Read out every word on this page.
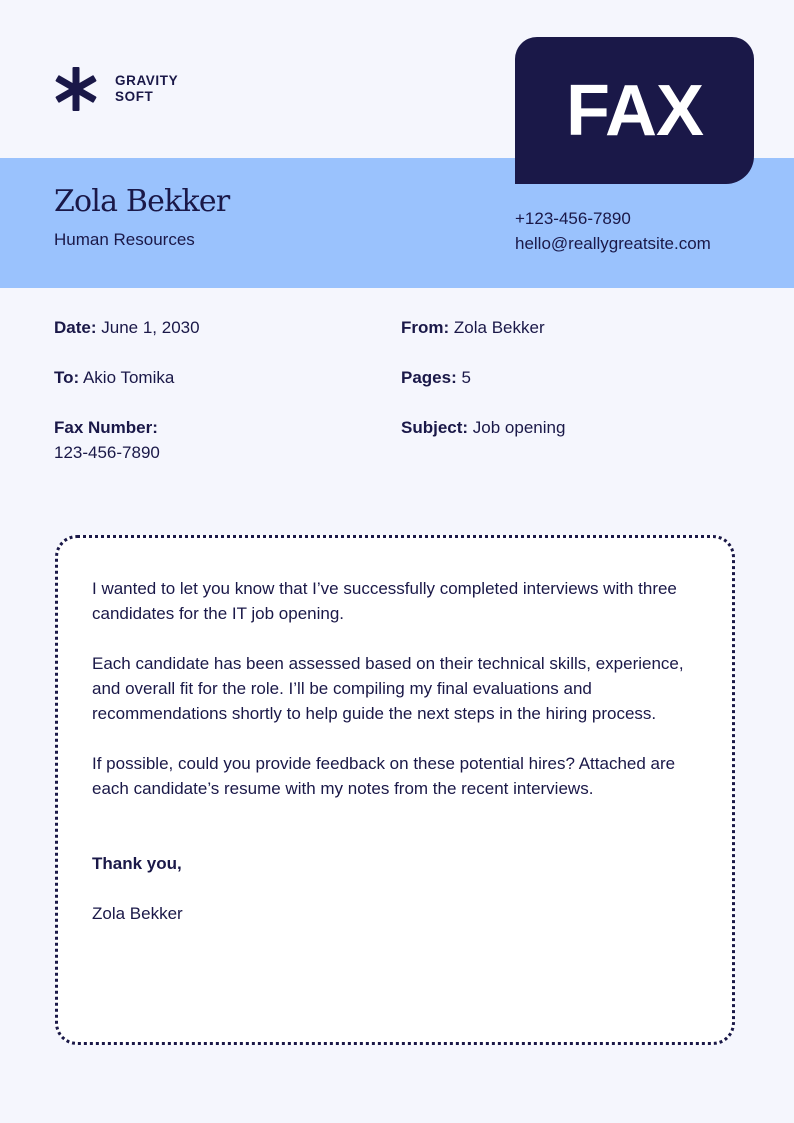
GRAVITY
SOFT	FAX
Zola Bekker
Human Resources
+123-456-7890
hello@reallygreatsite.com
Date: June 1, 2030
To: Akio Tomika
Fax Number:
123-456-7890
From: Zola Bekker
Pages: 5
Subject: Job opening

I wanted to let you know that I’ve successfully completed interviews with three candidates for the IT job opening.

Each candidate has been assessed based on their technical skills, experience, and overall fit for the role. I’ll be compiling my final evaluations and recommendations shortly to help guide the next steps in the hiring process.

If possible, could you provide feedback on these potential hires? Attached are each candidate’s resume with my notes from the recent interviews.

Thank you,

Zola Bekker
